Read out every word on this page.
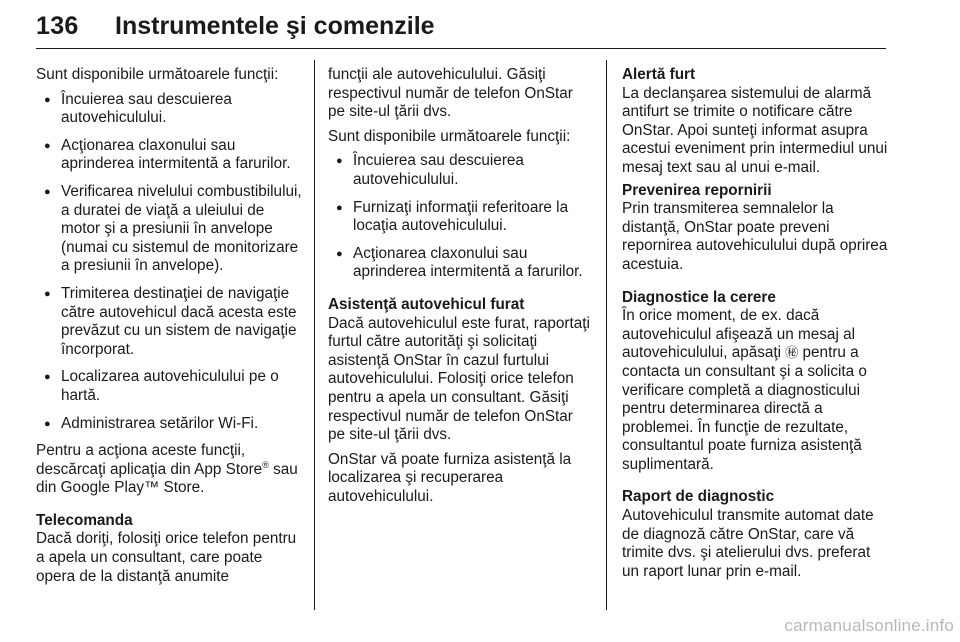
136 Instrumentele şi comenzile

Sunt disponibile următoarele funcţii:

● Încuierea sau descuierea autovehiculului.
● Acţionarea claxonului sau aprinderea intermitentă a farurilor.
● Verificarea nivelului combustibilului, a duratei de viaţă a uleiului de motor şi a presiunii în anvelope (numai cu sistemul de monitorizare a presiunii în anvelope).
● Trimiterea destinaţiei de navigaţie către autovehicul dacă acesta este prevăzut cu un sistem de navigaţie încorporat.
● Localizarea autovehiculului pe o hartă.
● Administrarea setărilor Wi-Fi.

Pentru a acţiona aceste funcţii, descărcaţi aplicaţia din App Store® sau din Google Play™ Store.

Telecomanda

Dacă doriţi, folosiţi orice telefon pentru a apela un consultant, care poate opera de la distanţă anumite

funcţii ale autovehiculului. Găsiţi respectivul număr de telefon OnStar pe site-ul ţării dvs.

Sunt disponibile următoarele funcţii:

● Încuierea sau descuierea autovehiculului.
● Furnizaţi informaţii referitoare la locaţia autovehiculului.
● Acţionarea claxonului sau aprinderea intermitentă a farurilor.
Asistenţă autovehicul furat

Dacă autovehiculul este furat, raportaţi furtul către autorităţi şi solicitaţi asistenţă OnStar în cazul furtului autovehiculului. Folosiţi orice telefon pentru a apela un consultant. Găsiţi respectivul număr de telefon OnStar pe site-ul ţării dvs.

OnStar vă poate furniza asistenţă la localizarea şi recuperarea autovehiculului.

Alertă furt

La declanşarea sistemului de alarmă antifurt se trimite o notificare către OnStar. Apoi sunteţi informat asupra acestui eveniment prin intermediul unui mesaj text sau al unui e-mail.

Prevenirea repornirii

Prin transmiterea semnalelor la distanţă, OnStar poate preveni repornirea autovehiculului după oprirea acestuia.

Diagnostice la cerere

În orice moment, de ex. dacă autovehiculul afişează un mesaj al autovehiculului, apăsaţi ㊙ pentru a contacta un consultant şi a solicita o verificare completă a diagnosticului pentru determinarea directă a problemei. În funcţie de rezultate, consultantul poate furniza asistenţă suplimentară.

Raport de diagnostic

Autovehiculul transmite automat date de diagnoză către OnStar, care vă trimite dvs. şi atelierului dvs. preferat un raport lunar prin e-mail.

carmanualsonline.info
